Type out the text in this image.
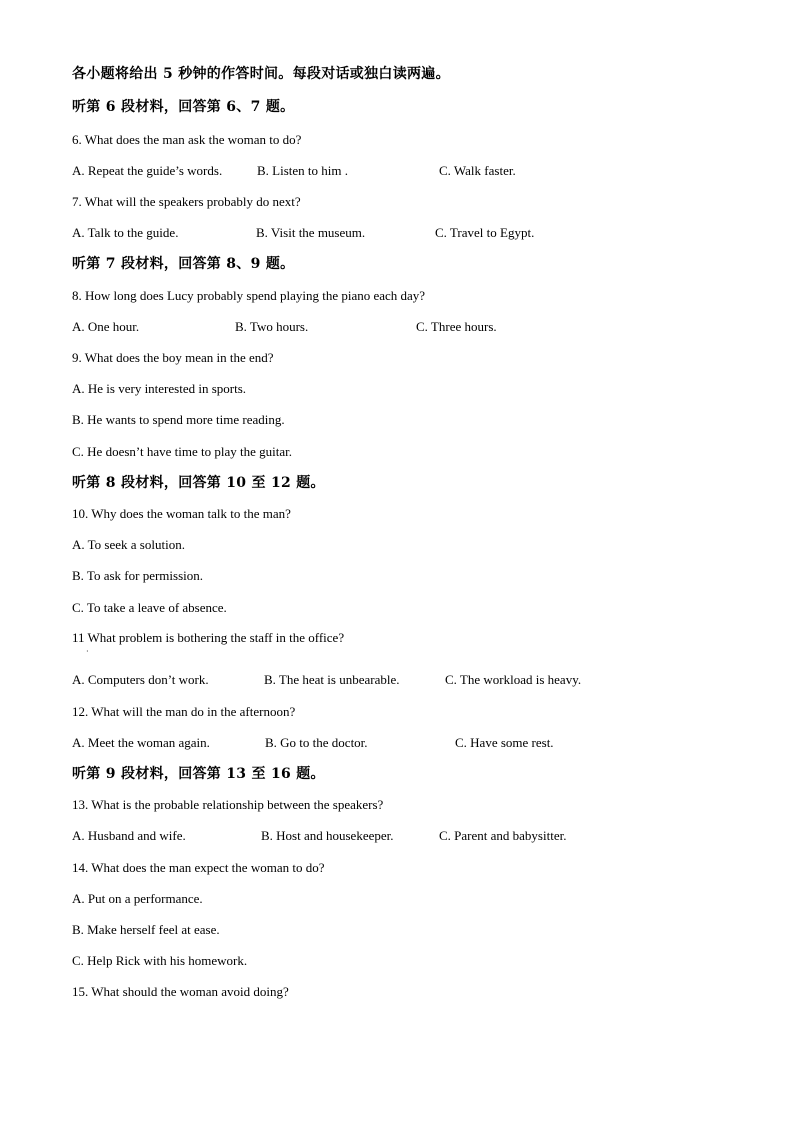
各小题将给出 5 秒钟的作答时间。每段对话或独白读两遍。
听第 6 段材料，回答第 6、7 题。
6. What does the man ask the woman to do?
A. Repeat the guide’s words.	B. Listen to him .	C. Walk faster.
7. What will the speakers probably do next?
A. Talk to the guide.	B. Visit the museum.	C. Travel to Egypt.
听第 7 段材料，回答第 8、9 题。
8. How long does Lucy probably spend playing the piano each day?
A. One hour.	B. Two hours.	C. Three hours.
9. What does the boy mean in the end?
A. He is very interested in sports.
B. He wants to spend more time reading.
C. He doesn’t have time to play the guitar.
听第 8 段材料，回答第 10 至 12 题。
10. Why does the woman talk to the man?
A. To seek a solution.
B. To ask for permission.
C. To take a leave of absence.
11 What problem is bothering the staff in the office?
·
A. Computers don’t work.	B. The heat is unbearable.	C. The workload is heavy.
12. What will the man do in the afternoon?
A. Meet the woman again.	B. Go to the doctor.	C. Have some rest.
听第 9 段材料，回答第 13 至 16 题。
13. What is the probable relationship between the speakers?
A. Husband and wife.	B. Host and housekeeper.	C. Parent and babysitter.
14. What does the man expect the woman to do?
A. Put on a performance.
B. Make herself feel at ease.
C. Help Rick with his homework.
15. What should the woman avoid doing?
